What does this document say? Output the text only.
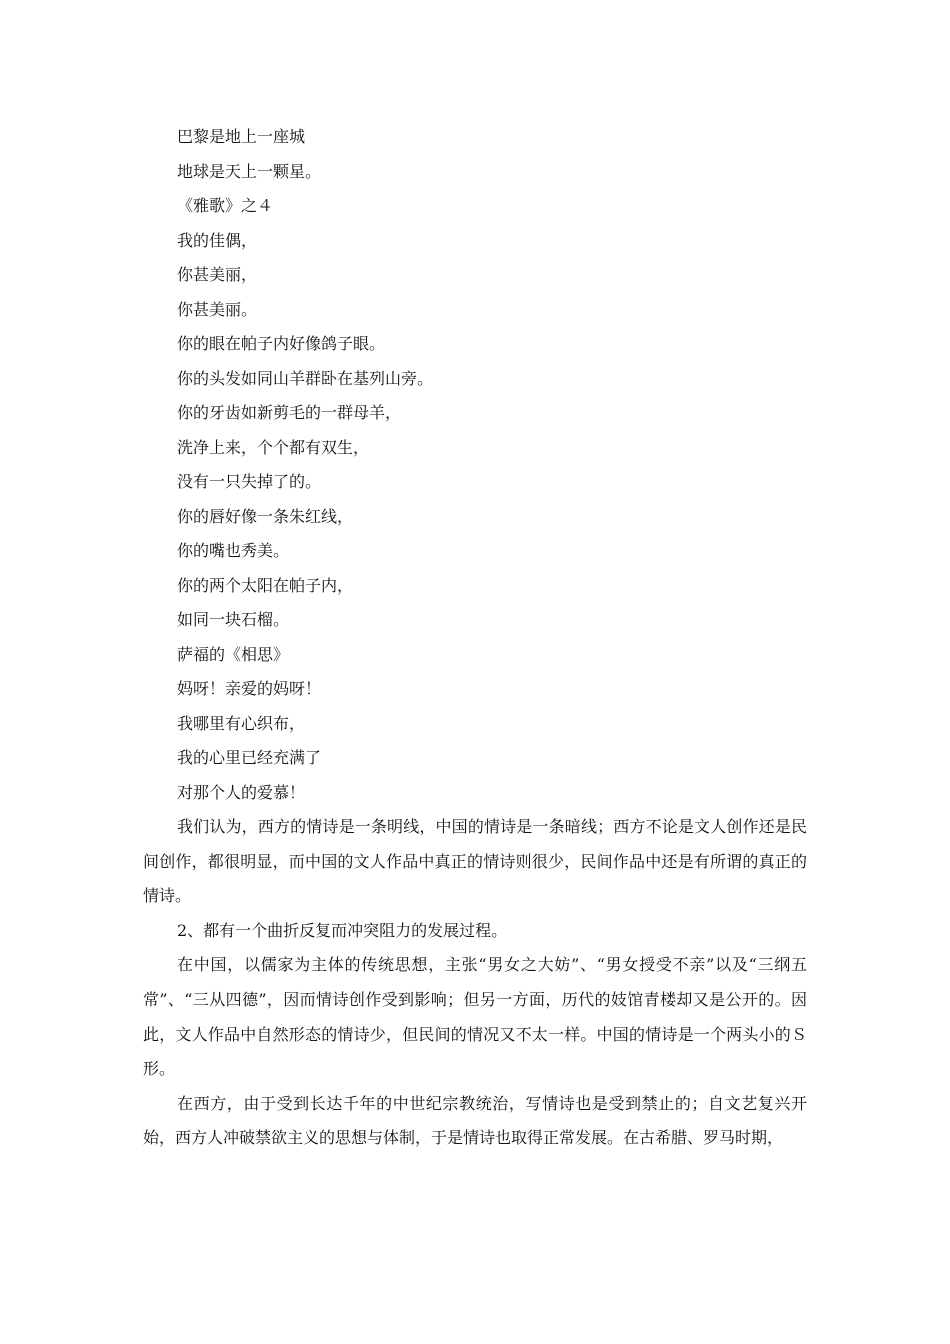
巴黎是地上一座城
地球是天上一颗星。
《雅歌》之４
我的佳偶，
你甚美丽，
你甚美丽。
你的眼在帕子内好像鸽子眼。
你的头发如同山羊群卧在基列山旁。
你的牙齿如新剪毛的一群母羊，
洗净上来，个个都有双生，
没有一只失掉了的。
你的唇好像一条朱红线，
你的嘴也秀美。
你的两个太阳在帕子内，
如同一块石榴。
萨福的《相思》
妈呀！亲爱的妈呀！
我哪里有心织布，
我的心里已经充满了
对那个人的爱慕！

我们认为，西方的情诗是一条明线，中国的情诗是一条暗线；西方不论是文人创作还是民间创作，都很明显，而中国的文人作品中真正的情诗则很少，民间作品中还是有所谓的真正的情诗。

2、都有一个曲折反复而冲突阻力的发展过程。

在中国，以儒家为主体的传统思想，主张“男女之大妨”、“男女授受不亲”以及“三纲五常”、“三从四德”，因而情诗创作受到影响；但另一方面，历代的妓馆青楼却又是公开的。因此，文人作品中自然形态的情诗少，但民间的情况又不太一样。中国的情诗是一个两头小的Ｓ形。

在西方，由于受到长达千年的中世纪宗教统治，写情诗也是受到禁止的；自文艺复兴开始，西方人冲破禁欲主义的思想与体制，于是情诗也取得正常发展。在古希腊、罗马时期，
